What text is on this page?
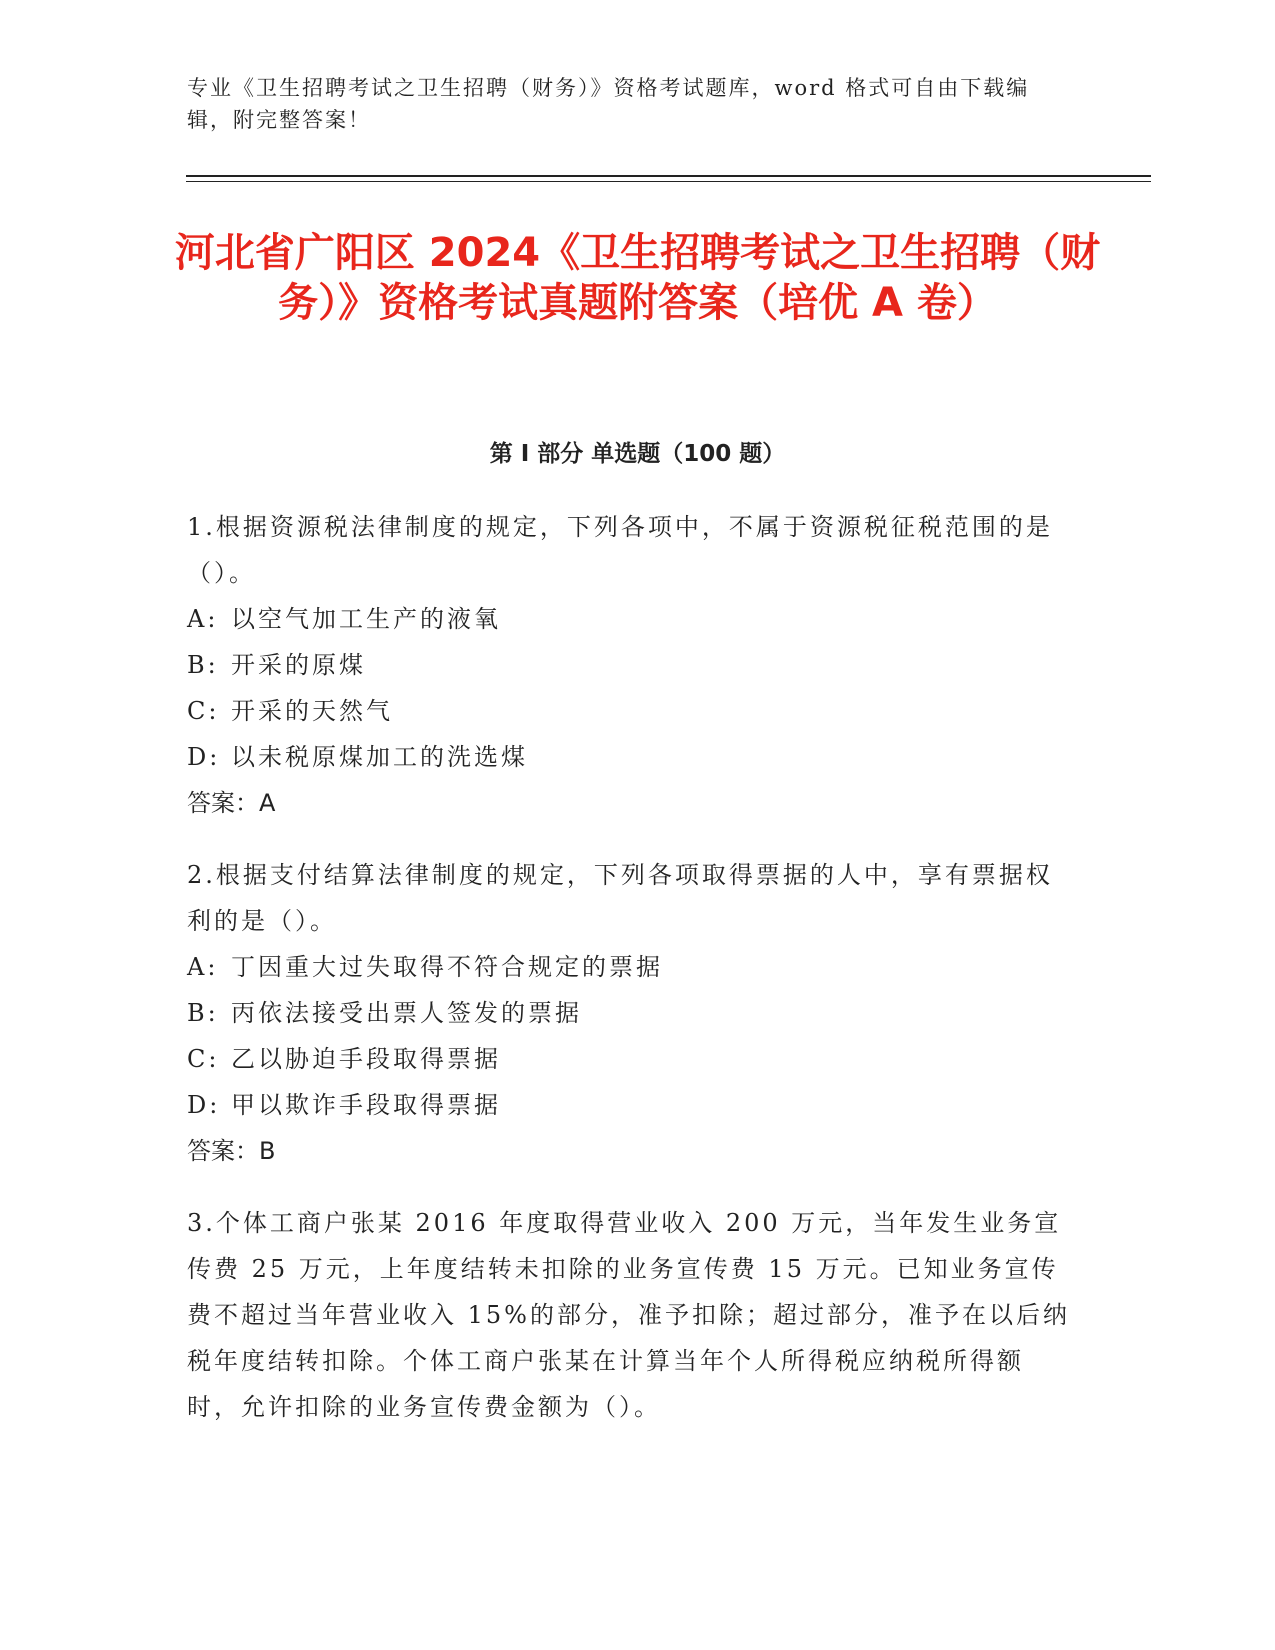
专业《卫生招聘考试之卫生招聘（财务）》资格考试题库，word 格式可自由下载编辑，附完整答案！
河北省广阳区 2024《卫生招聘考试之卫生招聘（财务）》资格考试真题附答案（培优 A 卷）
第 I 部分 单选题（100 题）

1.根据资源税法律制度的规定，下列各项中，不属于资源税征税范围的是（）。

A: 以空气加工生产的液氧

B: 开采的原煤

C: 开采的天然气

D: 以未税原煤加工的洗选煤

答案：A

2.根据支付结算法律制度的规定，下列各项取得票据的人中，享有票据权利的是（）。

A: 丁因重大过失取得不符合规定的票据

B: 丙依法接受出票人签发的票据

C: 乙以胁迫手段取得票据

D: 甲以欺诈手段取得票据

答案：B

3.个体工商户张某 2016 年度取得营业收入 200 万元，当年发生业务宣传费 25 万元，上年度结转未扣除的业务宣传费 15 万元。已知业务宣传费不超过当年营业收入 15%的部分，准予扣除；超过部分，准予在以后纳税年度结转扣除。个体工商户张某在计算当年个人所得税应纳税所得额时，允许扣除的业务宣传费金额为（）。
